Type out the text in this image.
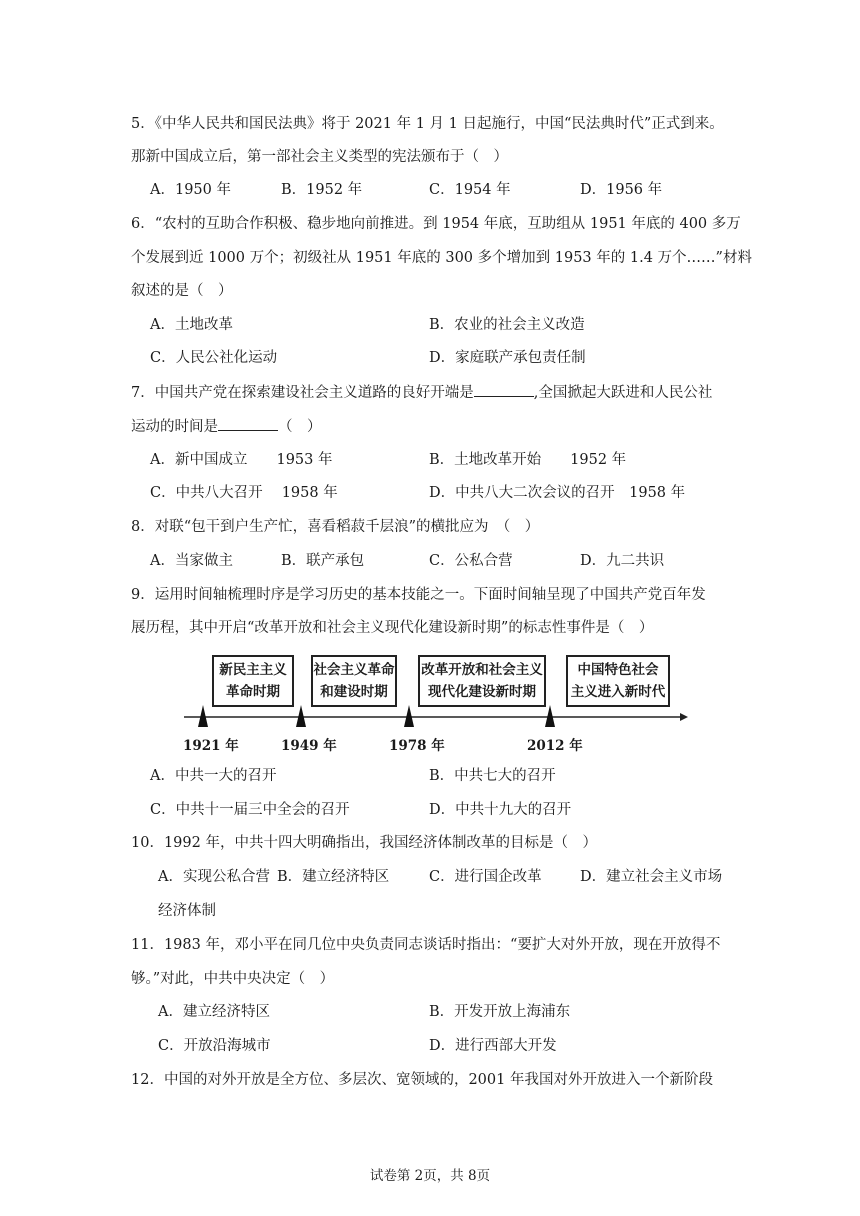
5．《中华人民共和国民法典》将于 2021 年 1 月 1 日起施行，中国“民法典时代”正式到来。
那新中国成立后，第一部社会主义类型的宪法颁布于（　）
A．1950 年	B．1952 年	C．1954 年	D．1956 年
6．“农村的互助合作积极、稳步地向前推进。到 1954 年底，互助组从 1951 年底的 400 多万
个发展到近 1000 万个；初级社从 1951 年底的 300 多个增加到 1953 年的 1.4 万个……”材料
叙述的是（　）
A．土地改革	B．农业的社会主义改造
C．人民公社化运动	D．家庭联产承包责任制
7．中国共产党在探索建设社会主义道路的良好开端是	,全国掀起大跃进和人民公社
运动的时间是	（　）
A．新中国成立　　1953 年	B．土地改革开始　　1952 年
C．中共八大召开　 1958 年	D．中共八大二次会议的召开　1958 年
8．对联“包干到户生产忙，喜看稻菽千层浪”的横批应为　（　）
A．当家做主	B．联产承包	C．公私合营	D．九二共识
9．运用时间轴梳理时序是学习历史的基本技能之一。下面时间轴呈现了中国共产党百年发
展历程，其中开启“改革开放和社会主义现代化建设新时期”的标志性事件是（　）
新民主主义
革命时期
社会主义革命
和建设时期
改革开放和社会主义
现代化建设新时期
中国特色社会
主义进入新时代
1921 年	1949 年	1978 年	2012 年
A．中共一大的召开	B．中共七大的召开
C．中共十一届三中全会的召开	D．中共十九大的召开
10．1992 年，中共十四大明确指出，我国经济体制改革的目标是（　）
A．实现公私合营 B．建立经济特区	C．进行国企改革	D．建立社会主义市场
经济体制
11．1983 年，邓小平在同几位中央负责同志谈话时指出：“要扩大对外开放，现在开放得不
够。”对此，中共中央决定（　）
A．建立经济特区	B．开发开放上海浦东
C．开放沿海城市	D．进行西部大开发
12．中国的对外开放是全方位、多层次、宽领域的，2001 年我国对外开放进入一个新阶段
试卷第 2页，共 8页
